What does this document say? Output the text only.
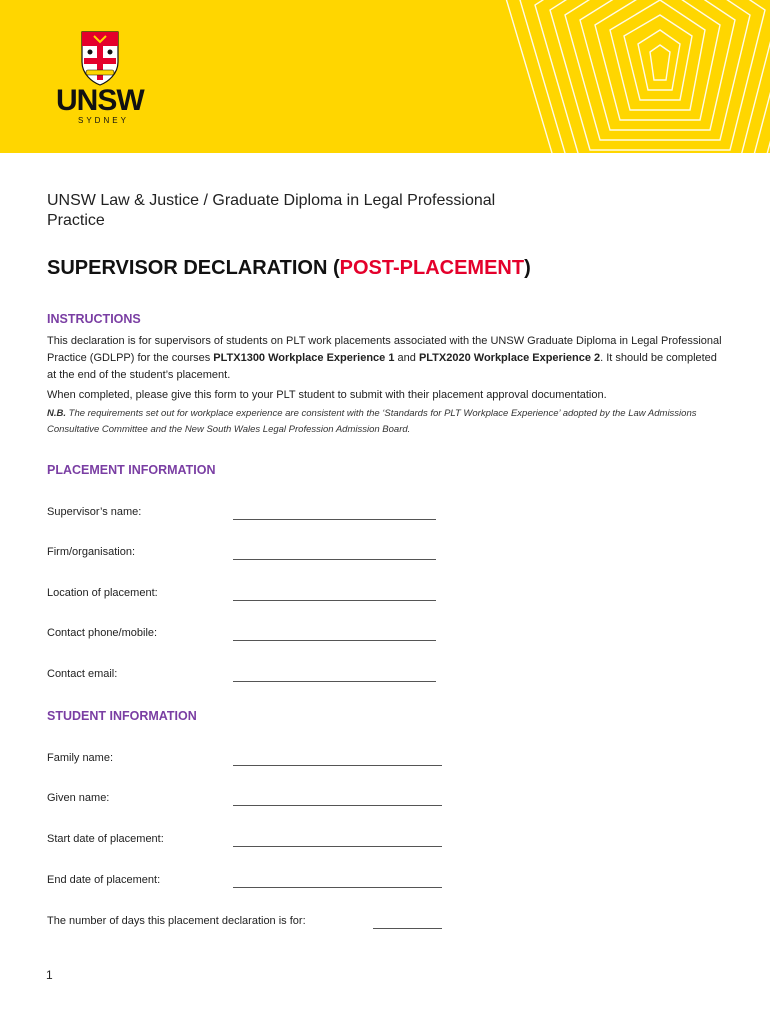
UNSW
SYDNEY
UNSW Law & Justice / Graduate Diploma in Legal Professional Practice
SUPERVISOR DECLARATION (POST-PLACEMENT)
INSTRUCTIONS
This declaration is for supervisors of students on PLT work placements associated with the UNSW Graduate Diploma in Legal Professional Practice (GDLPP) for the courses PLTX1300 Workplace Experience 1 and PLTX2020 Workplace Experience 2. It should be completed at the end of the student’s placement.
When completed, please give this form to your PLT student to submit with their placement approval documentation.
N.B. The requirements set out for workplace experience are consistent with the ‘Standards for PLT Workplace Experience’ adopted by the Law Admissions Consultative Committee and the New South Wales Legal Profession Admission Board.
PLACEMENT INFORMATION
Supervisor’s name:
Firm/organisation:
Location of placement:
Contact phone/mobile:
Contact email:
STUDENT INFORMATION
Family name:
Given name:
Start date of placement:
End date of placement:
The number of days this placement declaration is for:
1
